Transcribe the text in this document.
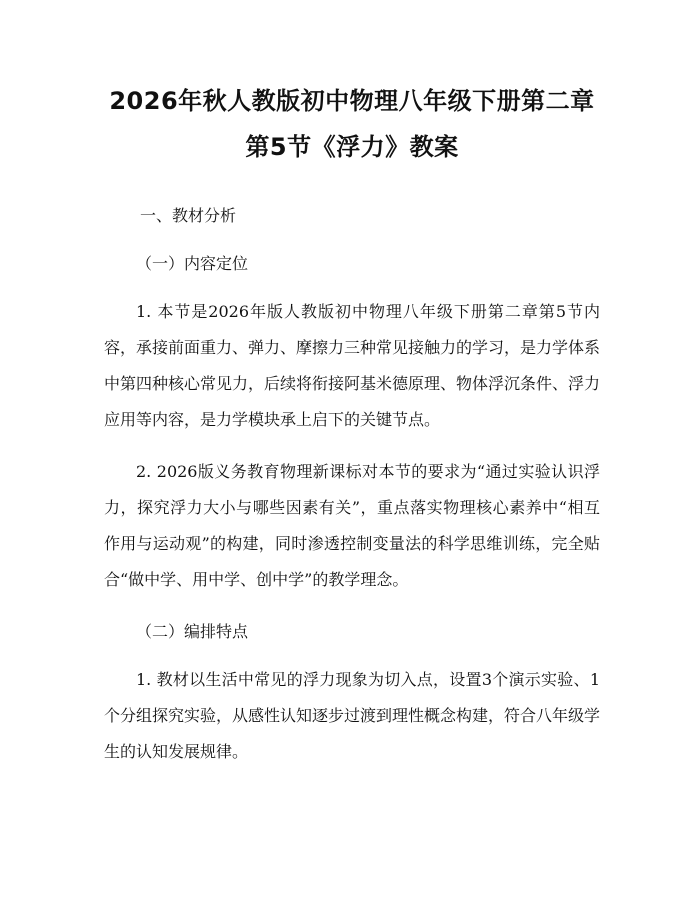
2026年秋人教版初中物理八年级下册第二章
第5节《浮力》教案

一、教材分析

（一）内容定位

1. 本节是2026年版人教版初中物理八年级下册第二章第5节内容，承接前面重力、弹力、摩擦力三种常见接触力的学习，是力学体系中第四种核心常见力，后续将衔接阿基米德原理、物体浮沉条件、浮力应用等内容，是力学模块承上启下的关键节点。

2. 2026版义务教育物理新课标对本节的要求为“通过实验认识浮力，探究浮力大小与哪些因素有关”，重点落实物理核心素养中“相互作用与运动观”的构建，同时渗透控制变量法的科学思维训练，完全贴合“做中学、用中学、创中学”的教学理念。

（二）编排特点

1. 教材以生活中常见的浮力现象为切入点，设置3个演示实验、1个分组探究实验，从感性认知逐步过渡到理性概念构建，符合八年级学生的认知发展规律。
